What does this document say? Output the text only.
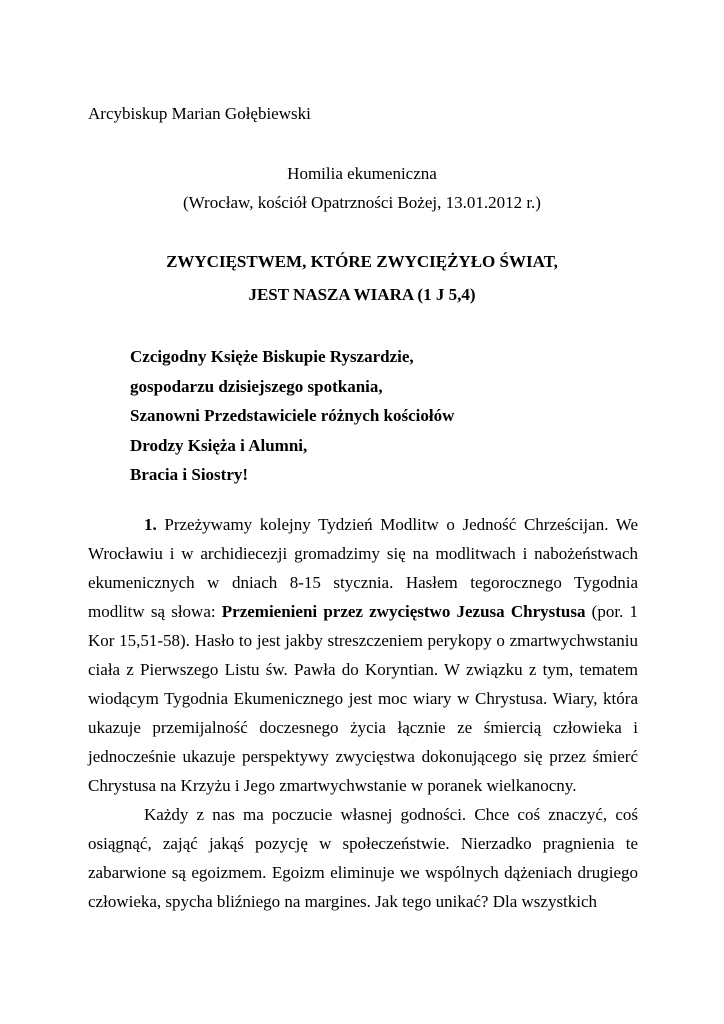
Arcybiskup Marian Gołębiewski
Homilia ekumeniczna
(Wrocław, kościół Opatrzności Bożej, 13.01.2012 r.)
ZWYCIĘSTWEM, KTÓRE ZWYCIĘŻYŁO ŚWIAT,
JEST NASZA WIARA (1 J 5,4)
Czcigodny Księże Biskupie Ryszardzie,
gospodarzu dzisiejszego spotkania,
Szanowni Przedstawiciele różnych kościołów
Drodzy Księża i Alumni,
Bracia i Siostry!
1. Przeżywamy kolejny Tydzień Modlitw o Jedność Chrześcijan. We Wrocławiu i w archidiecezji gromadzimy się na modlitwach i nabożeństwach ekumenicznych w dniach 8-15 stycznia. Hasłem tegorocznego Tygodnia modlitw są słowa: Przemienieni przez zwycięstwo Jezusa Chrystusa (por. 1 Kor 15,51-58). Hasło to jest jakby streszczeniem perykopy o zmartwychwstaniu ciała z Pierwszego Listu św. Pawła do Koryntian. W związku z tym, tematem wiodącym Tygodnia Ekumenicznego jest moc wiary w Chrystusa. Wiary, która ukazuje przemijalność doczesnego życia łącznie ze śmiercią człowieka i jednocześnie ukazuje perspektywy zwycięstwa dokonującego się przez śmierć Chrystusa na Krzyżu i Jego zmartwychwstanie w poranek wielkanocny.
Każdy z nas ma poczucie własnej godności. Chce coś znaczyć, coś osiągnąć, zająć jakąś pozycję w społeczeństwie. Nierzadko pragnienia te zabarwione są egoizmem. Egoizm eliminuje we wspólnych dążeniach drugiego człowieka, spycha bliźniego na margines. Jak tego unikać? Dla wszystkich
